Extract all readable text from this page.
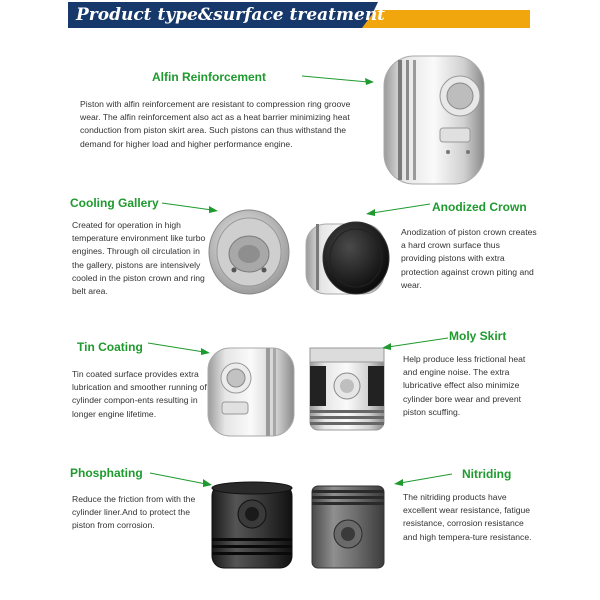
Product type&surface treatment
Alfin Reinforcement
Piston with alfin reinforcement are resistant to compression ring groove wear. The alfin reinforcement also act as a heat barrier minimizing heat conduction from piston skirt area. Such pistons can thus withstand the demand for higher load and higher performance engine.
Cooling Gallery
Created for operation in high temperature environment like turbo engines. Through oil circulation in the gallery, pistons are intensively cooled in the piston crown and ring belt area.
Anodized Crown
Anodization of piston crown creates a hard crown surface thus providing pistons with extra protection against crown piting and wear.
Tin Coating
Tin coated surface provides extra lubrication and smoother running of cylinder compon-ents resulting in longer engine lifetime.
Moly Skirt
Help produce less frictional heat and engine noise. The extra lubricative effect also minimize cylinder bore wear and prevent piston scuffing.
Phosphating
Reduce the friction from with the cylinder liner.And to protect the piston from corrosion.
Nitriding
The nitriding products have excellent wear resistance, fatigue resistance, corrosion resistance and high tempera-ture resistance.
